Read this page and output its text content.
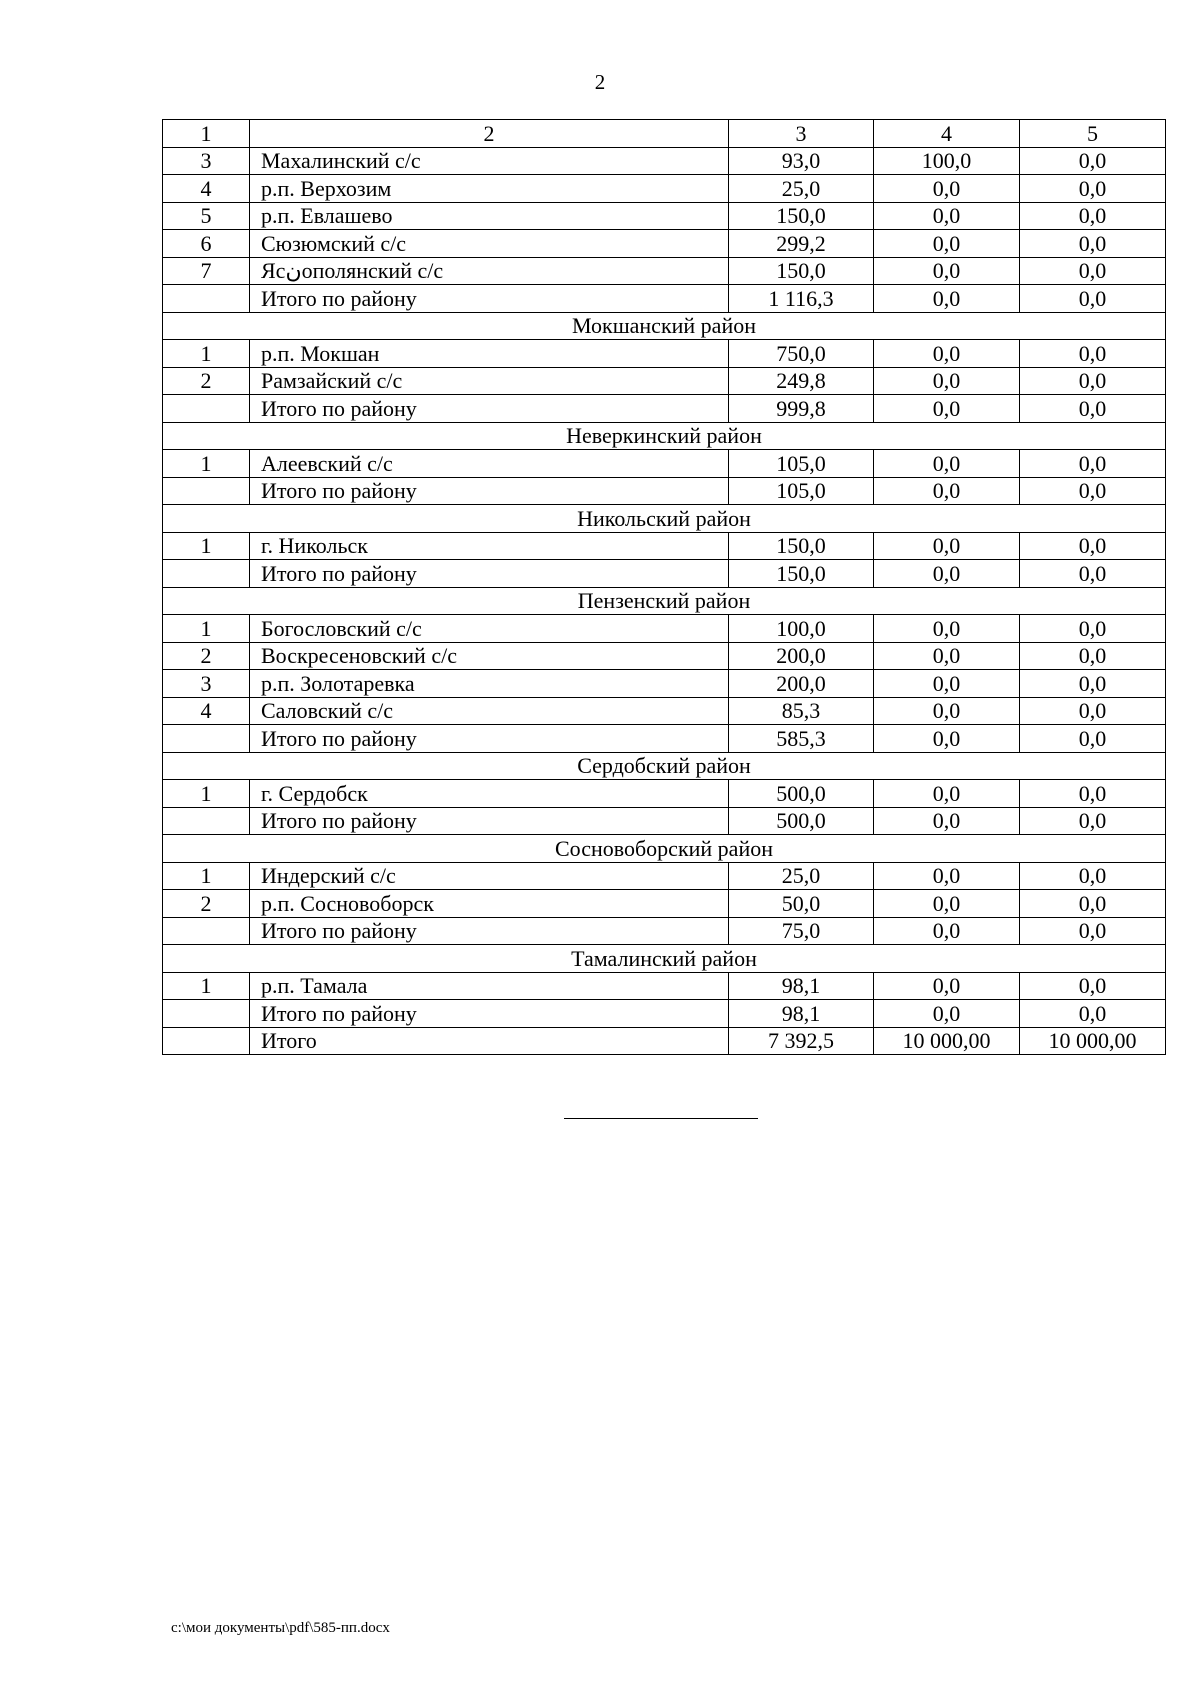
2
1	2	3	4	5
3	Махалинский с/с	93,0	100,0	0,0
4	р.п. Верхозим	25,0	0,0	0,0
5	р.п. Евлашево	150,0	0,0	0,0
6	Сюзюмский с/с	299,2	0,0	0,0
7	Ясنополянский с/с	150,0	0,0	0,0
	Итого по району	1 116,3	0,0	0,0
Мокшанский район				
1	р.п. Мокшан	750,0	0,0	0,0
2	Рамзайский с/с	249,8	0,0	0,0
	Итого по району	999,8	0,0	0,0
Неверкинский район				
1	Алеевский с/с	105,0	0,0	0,0
	Итого по району	105,0	0,0	0,0
Никольский район				
1	г. Никольск	150,0	0,0	0,0
	Итого по району	150,0	0,0	0,0
Пензенский район				
1	Богословский с/с	100,0	0,0	0,0
2	Воскресеновский с/с	200,0	0,0	0,0
3	р.п. Золотаревка	200,0	0,0	0,0
4	Саловский с/с	85,3	0,0	0,0
	Итого по району	585,3	0,0	0,0
Сердобский район				
1	г. Сердобск	500,0	0,0	0,0
	Итого по району	500,0	0,0	0,0
Сосновоборский район				
1	Индерский с/с	25,0	0,0	0,0
2	р.п. Сосновоборск	50,0	0,0	0,0
	Итого по району	75,0	0,0	0,0
Тамалинский район				
1	р.п. Тамала	98,1	0,0	0,0
	Итого по району	98,1	0,0	0,0
	Итого	7 392,5	10 000,00	10 000,00
c:\мои документы\pdf\585-пп.docx
